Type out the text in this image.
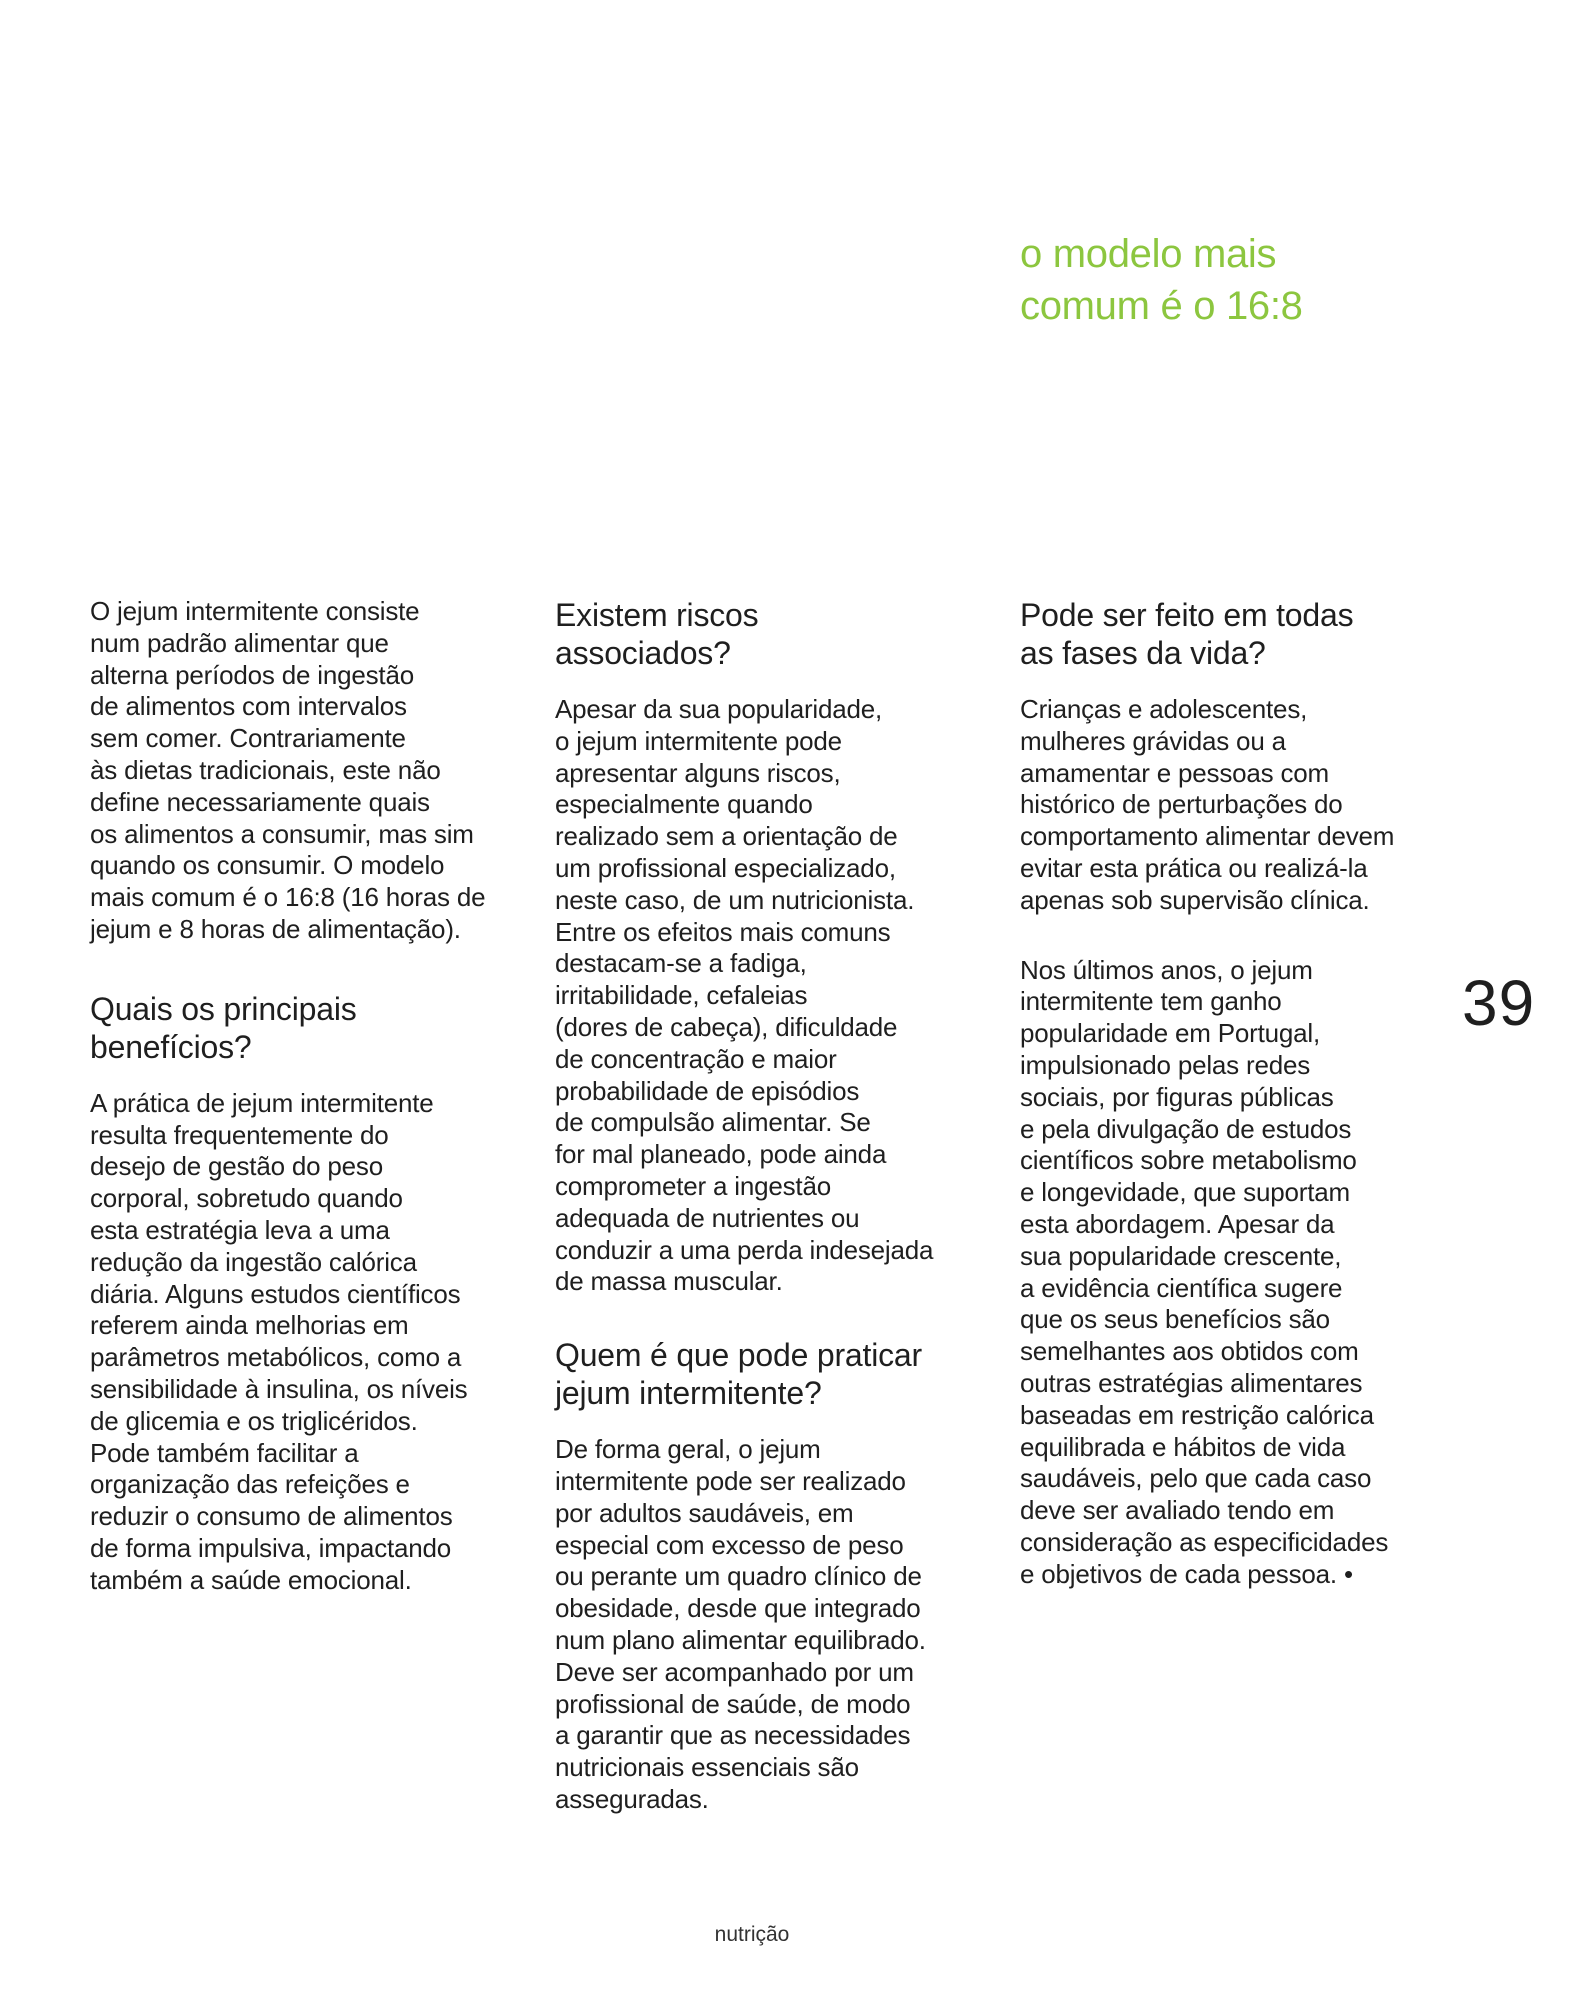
o modelo mais
comum é o 16:8

O jejum intermitente consiste
num padrão alimentar que
alterna períodos de ingestão
de alimentos com intervalos
sem comer. Contrariamente
às dietas tradicionais, este não
define necessariamente quais
os alimentos a consumir, mas sim
quando os consumir. O modelo
mais comum é o 16:8 (16 horas de
jejum e 8 horas de alimentação).

Quais os principais
benefícios?

A prática de jejum intermitente
resulta frequentemente do
desejo de gestão do peso
corporal, sobretudo quando
esta estratégia leva a uma
redução da ingestão calórica
diária. Alguns estudos científicos
referem ainda melhorias em
parâmetros metabólicos, como a
sensibilidade à insulina, os níveis
de glicemia e os triglicéridos.
Pode também facilitar a
organização das refeições e
reduzir o consumo de alimentos
de forma impulsiva, impactando
também a saúde emocional.

Existem riscos
associados?

Apesar da sua popularidade,
o jejum intermitente pode
apresentar alguns riscos,
especialmente quando
realizado sem a orientação de
um profissional especializado,
neste caso, de um nutricionista.
Entre os efeitos mais comuns
destacam-se a fadiga,
irritabilidade, cefaleias
(dores de cabeça), dificuldade
de concentração e maior
probabilidade de episódios
de compulsão alimentar. Se
for mal planeado, pode ainda
comprometer a ingestão
adequada de nutrientes ou
conduzir a uma perda indesejada
de massa muscular.

Quem é que pode praticar
jejum intermitente?

De forma geral, o jejum
intermitente pode ser realizado
por adultos saudáveis, em
especial com excesso de peso
ou perante um quadro clínico de
obesidade, desde que integrado
num plano alimentar equilibrado.
Deve ser acompanhado por um
profissional de saúde, de modo
a garantir que as necessidades
nutricionais essenciais são
asseguradas.

Pode ser feito em todas
as fases da vida?

Crianças e adolescentes,
mulheres grávidas ou a
amamentar e pessoas com
histórico de perturbações do
comportamento alimentar devem
evitar esta prática ou realizá-la
apenas sob supervisão clínica.

Nos últimos anos, o jejum
intermitente tem ganho
popularidade em Portugal,
impulsionado pelas redes
sociais, por figuras públicas
e pela divulgação de estudos
científicos sobre metabolismo
e longevidade, que suportam
esta abordagem. Apesar da
sua popularidade crescente,
a evidência científica sugere
que os seus benefícios são
semelhantes aos obtidos com
outras estratégias alimentares
baseadas em restrição calórica
equilibrada e hábitos de vida
saudáveis, pelo que cada caso
deve ser avaliado tendo em
consideração as especificidades
e objetivos de cada pessoa. •

39
nutrição
